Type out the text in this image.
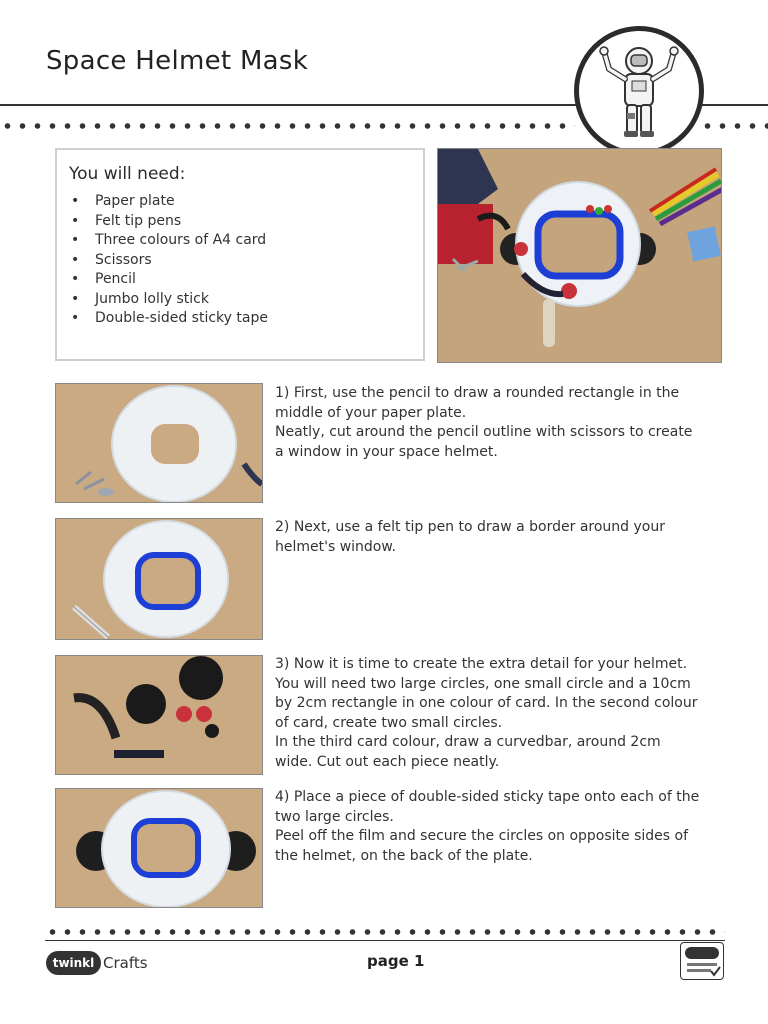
Space Helmet Mask
You will need:
• Paper plate
• Felt tip pens
• Three colours of A4 card
• Scissors
• Pencil
• Jumbo lolly stick
• Double-sided sticky tape

1) First, use the pencil to draw a rounded rectangle in the

middle of your paper plate.

Neatly, cut around the pencil outline with scissors to create

a window in your space helmet.

2) Next, use a felt tip pen to draw a border around your

helmet's window.

3) Now it is time to create the extra detail for your helmet.

You will need two large circles, one small circle and a 10cm

by 2cm rectangle in one colour of card. In the second colour

of card, create two small circles.

In the third card colour, draw a curvedbar, around 2cm

wide. Cut out each piece neatly.

4) Place a piece of double-sided sticky tape onto each of the

two large circles.

Peel off the film and secure the circles on opposite sides of

the helmet, on the back of the plate.

twinkl Crafts	page 1
